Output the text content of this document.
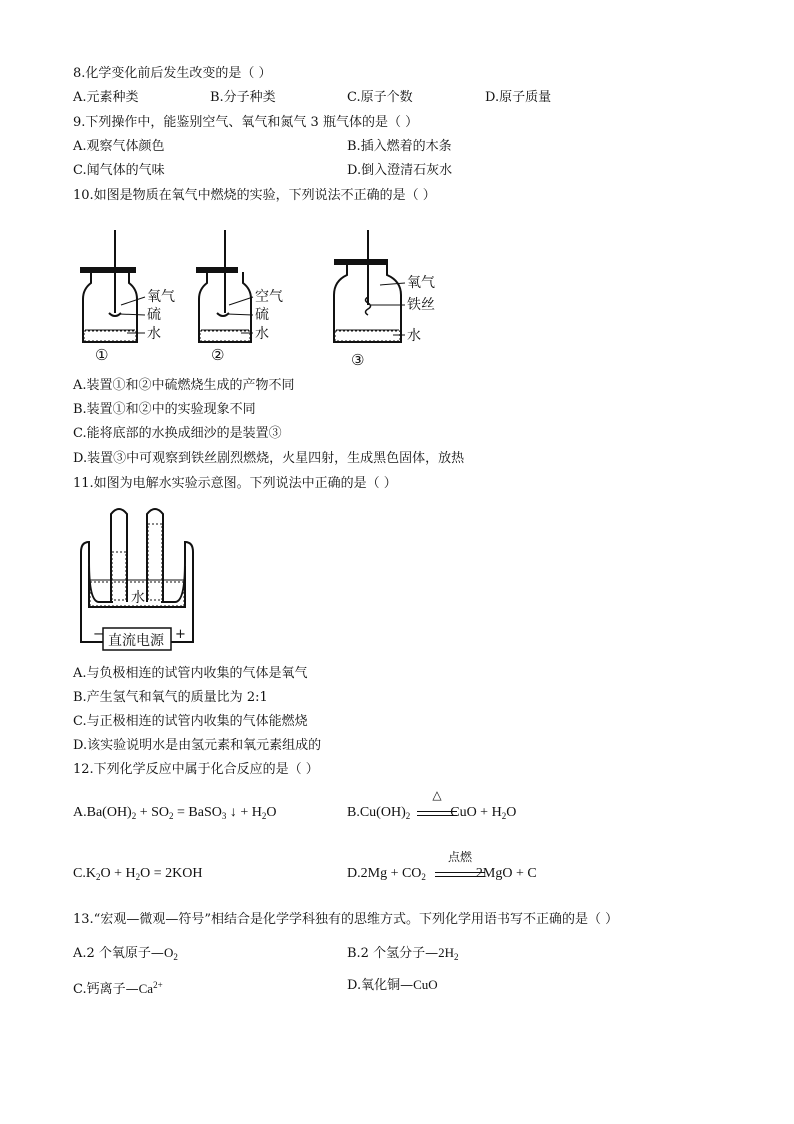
8.化学变化前后发生改变的是（ ）
A.元素种类	B.分子种类	C.原子个数	D.原子质量
9.下列操作中，能鉴别空气、氧气和氮气 3 瓶气体的是（ ）
A.观察气体颜色	B.插入燃着的木条
C.闻气体的气味	D.倒入澄清石灰水
10.如图是物质在氧气中燃烧的实验，下列说法不正确的是（ ）
氧气
硫
水
①
空气
硫
水
②
氧气
铁丝
水
③
A.装置①和②中硫燃烧生成的产物不同
B.装置①和②中的实验现象不同
C.能将底部的水换成细沙的是装置③
D.装置③中可观察到铁丝剧烈燃烧，火星四射，生成黑色固体，放热
11.如图为电解水实验示意图。下列说法中正确的是（ ）
水
直流电源
−	+
A.与负极相连的试管内收集的气体是氧气
B.产生氢气和氧气的质量比为 2:1
C.与正极相连的试管内收集的气体能燃烧
D.该实验说明水是由氢元素和氧元素组成的
12.下列化学反应中属于化合反应的是（ ）
$A.Ba(OH)_2 + SO_2$ = BaSO$_3$ ↓ + $H_2O$	$B.Cu(OH)_2$	CuO + $H_2O$
△
$C.K_2O + H_2O = 2KOH$	$D.2Mg + CO_2$	2MgO + C
点燃
13.“宏观—微观—符号”相结合是化学学科独有的思维方式。下列化学用语书写不正确的是（ ）
A.2 个氧原子$—O_2$	B.2 个氢分子$—2H_2$
C.钙离子$—Ca^{2+}$	D.氧化铜—CuO
